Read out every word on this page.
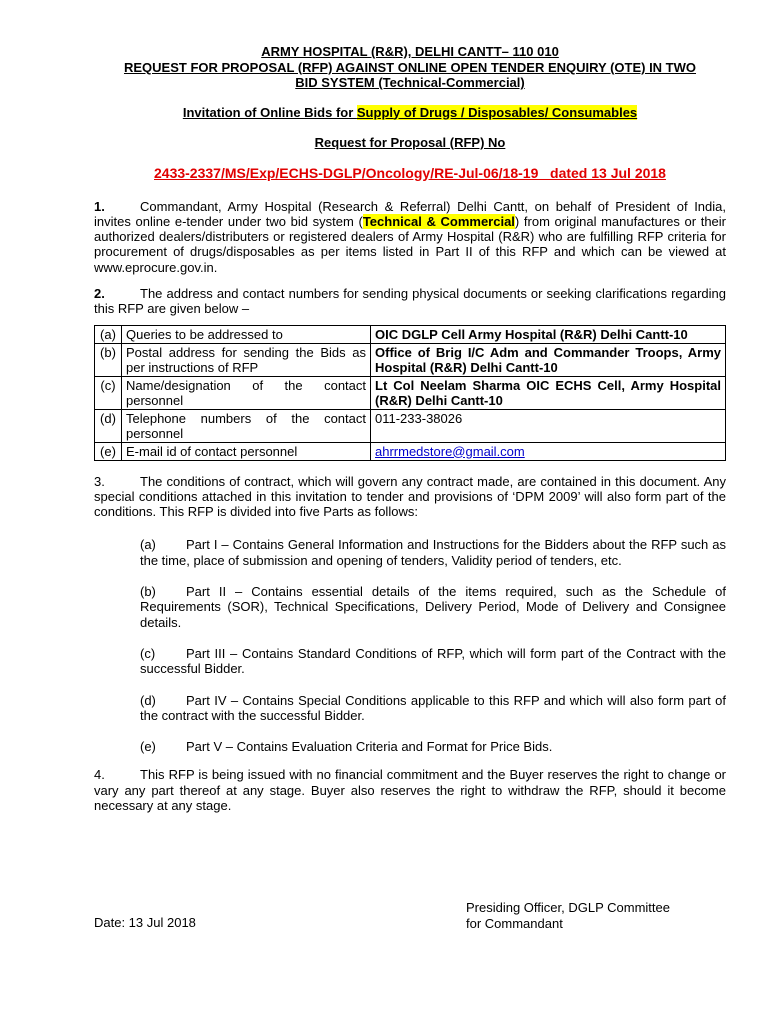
ARMY HOSPITAL (R&R), DELHI CANTT– 110 010
REQUEST FOR PROPOSAL (RFP) AGAINST ONLINE OPEN TENDER ENQUIRY (OTE) IN TWO
BID SYSTEM (Technical-Commercial)
Invitation of Online Bids for Supply of Drugs / Disposables/ Consumables
Request for Proposal (RFP) No
2433-2337/MS/Exp/ECHS-DGLP/Oncology/RE-Jul-06/18-19   dated 13 Jul 2018
1.	Commandant, Army Hospital (Research & Referral) Delhi Cantt, on behalf of President of India, invites online e-tender under two bid system (Technical & Commercial) from original manufactures or their authorized dealers/distributers or registered dealers of Army Hospital (R&R) who are fulfilling RFP criteria for procurement of drugs/disposables as per items listed in Part II of this RFP and which can be viewed at www.eprocure.gov.in.
2.	The address and contact numbers for sending physical documents or seeking clarifications regarding this RFP are given below –
(a)	Queries to be addressed to	OIC DGLP Cell Army Hospital (R&R) Delhi Cantt-10
(b)	Postal address for sending the Bids as per instructions of RFP	Office of Brig I/C Adm and Commander Troops, Army Hospital (R&R) Delhi Cantt-10
(c)	Name/designation of the contact personnel	Lt Col Neelam Sharma OIC ECHS Cell, Army Hospital (R&R) Delhi Cantt-10
(d)	Telephone numbers of the contact personnel	011-233-38026
(e)	E-mail id of contact personnel	ahrrmedstore@gmail.com
3.	The conditions of contract, which will govern any contract made, are contained in this document. Any special conditions attached in this invitation to tender and provisions of ‘DPM 2009’ will also form part of the conditions. This RFP is divided into five Parts as follows:
(a) Part I – Contains General Information and Instructions for the Bidders about the RFP such as the time, place of submission and opening of tenders, Validity period of tenders, etc.
(b) Part II – Contains essential details of the items required, such as the Schedule of Requirements (SOR), Technical Specifications, Delivery Period, Mode of Delivery and Consignee details.
(c) Part III – Contains Standard Conditions of RFP, which will form part of the Contract with the successful Bidder.
(d) Part IV – Contains Special Conditions applicable to this RFP and which will also form part of the contract with the successful Bidder.
(e) Part V – Contains Evaluation Criteria and Format for Price Bids.
4.	This RFP is being issued with no financial commitment and the Buyer reserves the right to change or vary any part thereof at any stage. Buyer also reserves the right to withdraw the RFP, should it become necessary at any stage.
Presiding Officer, DGLP Committee
for Commandant
Date: 13 Jul 2018
